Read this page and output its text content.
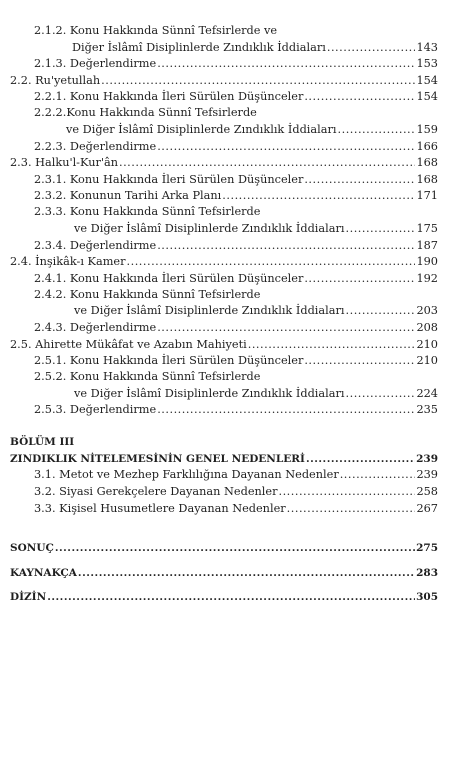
2.1.2. Konu Hakkında Sünnî Tefsirlerde ve
Diğer İslâmî Disiplinlerde Zındıklık İddiaları .....	143
2.1.3. Değerlendirme .....	153
2.2. Ru'yetullah .....	154
2.2.1. Konu Hakkında İleri Sürülen Düşünceler .....	154
2.2.2.Konu Hakkında Sünnî Tefsirlerde
ve Diğer İslâmî Disiplinlerde Zındıklık İddiaları .....	159
2.2.3. Değerlendirme .....	166
2.3. Halku'l-Kur'ân .....	168
2.3.1. Konu Hakkında İleri Sürülen Düşünceler .....	168
2.3.2. Konunun Tarihi Arka Planı .....	171
2.3.3. Konu Hakkında Sünnî Tefsirlerde
ve Diğer İslâmî Disiplinlerde Zındıklık İddiaları .....	175
2.3.4. Değerlendirme .....	187
2.4. İnşikâk-ı Kamer .....	190
2.4.1. Konu Hakkında İleri Sürülen Düşünceler .....	192
2.4.2. Konu Hakkında Sünnî Tefsirlerde
ve Diğer İslâmî Disiplinlerde Zındıklık İddiaları .....	203
2.4.3. Değerlendirme .....	208
2.5. Ahirette Mükâfat ve Azabın Mahiyeti .....	210
2.5.1. Konu Hakkında İleri Sürülen Düşünceler .....	210
2.5.2. Konu Hakkında Sünnî Tefsirlerde
ve Diğer İslâmî Disiplinlerde Zındıklık İddiaları .....	224
2.5.3. Değerlendirme .....	235
BÖLÜM III
ZINDIKLIK NİTELEMESİNİN GENEL NEDENLERİ .....	239
3.1. Metot ve Mezhep Farklılığına Dayanan Nedenler .....	239
3.2. Siyasi Gerekçelere Dayanan Nedenler .....	258
3.3. Kişisel Husumetlere Dayanan Nedenler .....	267
SONUÇ .....	275
KAYNAKÇA .....	283
DİZİN .....	305
